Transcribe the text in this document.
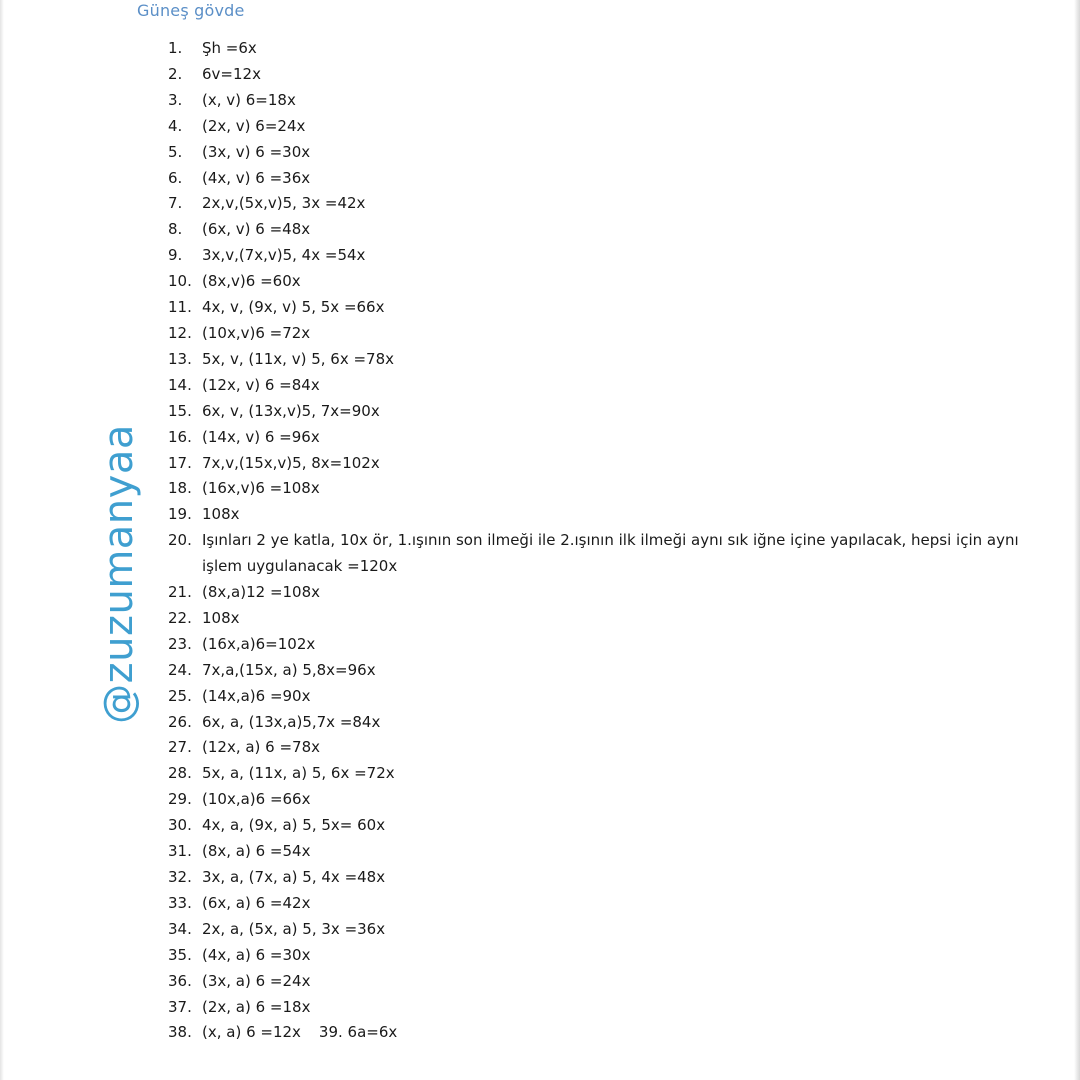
Güneş gövde
@zuzumanyaa
1.	Şh =6x
2.	6v=12x
3.	(x, v) 6=18x
4.	(2x, v) 6=24x
5.	(3x, v) 6 =30x
6.	(4x, v) 6 =36x
7.	2x,v,(5x,v)5, 3x =42x
8.	(6x, v) 6 =48x
9.	3x,v,(7x,v)5, 4x =54x
10. (8x,v)6 =60x
11. 4x, v, (9x, v) 5, 5x =66x
12. (10x,v)6 =72x
13. 5x, v, (11x, v) 5, 6x =78x
14. (12x, v) 6 =84x
15. 6x, v, (13x,v)5, 7x=90x
16. (14x, v) 6 =96x
17. 7x,v,(15x,v)5, 8x=102x
18. (16x,v)6 =108x
19. 108x
20. Işınları 2 ye katla, 10x ör, 1.ışının son ilmeği ile 2.ışının ilk ilmeği aynı sık iğne içine yapılacak, hepsi için aynı işlem uygulanacak =120x
21. (8x,a)12 =108x
22. 108x
23. (16x,a)6=102x
24. 7x,a,(15x, a) 5,8x=96x
25. (14x,a)6 =90x
26. 6x, a, (13x,a)5,7x =84x
27. (12x, a) 6 =78x
28. 5x, a, (11x, a) 5, 6x =72x
29. (10x,a)6 =66x
30. 4x, a, (9x, a) 5, 5x= 60x
31. (8x, a) 6 =54x
32. 3x, a, (7x, a) 5, 4x =48x
33. (6x, a) 6 =42x
34. 2x, a, (5x, a) 5, 3x =36x
35. (4x, a) 6 =30x
36. (3x, a) 6 =24x
37. (2x, a) 6 =18x
38. (x, a) 6 =12x 39. 6a=6x
